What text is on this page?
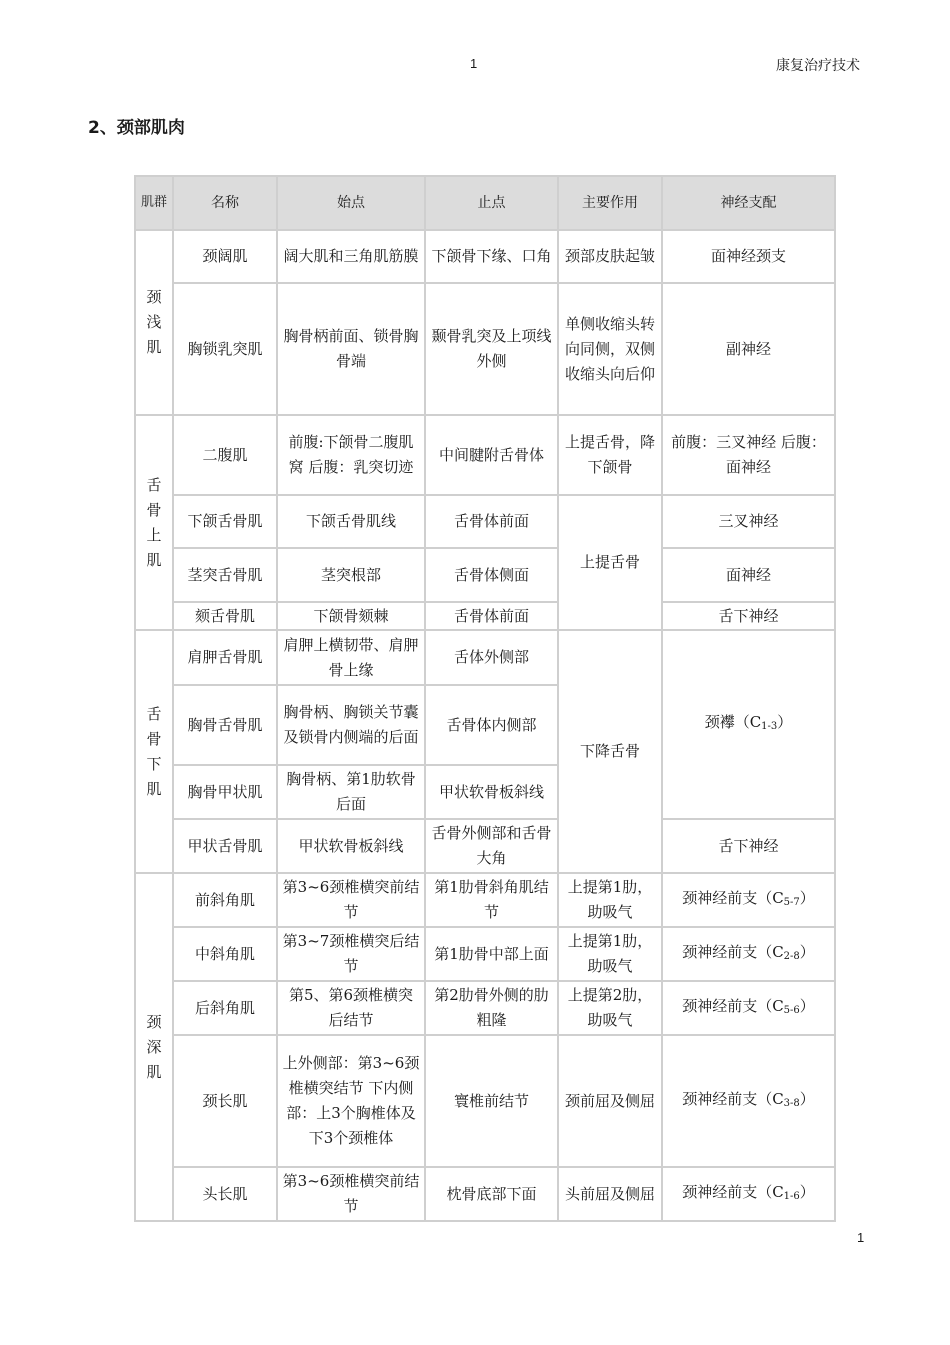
1	康复治疗技术
2、颈部肌肉
肌群	名称	始点	止点	主要作用	神经支配
颈浅肌	颈阔肌	阔大肌和三角肌筋膜	下颌骨下缘、口角	颈部皮肤起皱	面神经颈支
	胸锁乳突肌	胸骨柄前面、锁骨胸骨端	颞骨乳突及上项线外侧	单侧收缩头转向同侧，双侧收缩头向后仰	副神经
舌骨上肌	二腹肌	前腹:下颌骨二腹肌窝 后腹：乳突切迹	中间腱附舌骨体	上提舌骨，降下颌骨	前腹：三叉神经 后腹：面神经
	下颌舌骨肌	下颌舌骨肌线	舌骨体前面	上提舌骨	三叉神经
	茎突舌骨肌	茎突根部	舌骨体侧面		面神经
	颏舌骨肌	下颌骨颏棘	舌骨体前面		舌下神经
舌骨下肌	肩胛舌骨肌	肩胛上横韧带、肩胛骨上缘	舌体外侧部	下降舌骨	颈襻$(C_{1-3})$
	胸骨舌骨肌	胸骨柄、胸锁关节囊及锁骨内侧端的后面	舌骨体内侧部		
	胸骨甲状肌	胸骨柄、第1肋软骨后面	甲状软骨板斜线		
	甲状舌骨肌	甲状软骨板斜线	舌骨外侧部和舌骨大角		舌下神经
颈深肌	前斜角肌	第3~6颈椎横突前结节	第1肋骨斜角肌结节	上提第1肋，助吸气	颈神经前支$(C_{5-7})$
	中斜角肌	第3~7颈椎横突后结节	第1肋骨中部上面	上提第1肋，助吸气	颈神经前支$(C_{2-8})$
	后斜角肌	第5、第6颈椎横突后结节	第2肋骨外侧的肋粗隆	上提第2肋，助吸气	颈神经前支$(C_{5-6})$
	颈长肌	上外侧部：第3~6颈椎横突结节 下内侧部：上3个胸椎体及下3个颈椎体	寰椎前结节	颈前屈及侧屈	颈神经前支$(C_{3-8})$
	头长肌	第3~6颈椎横突前结节	枕骨底部下面	头前屈及侧屈	颈神经前支$(C_{1-6})$
1
